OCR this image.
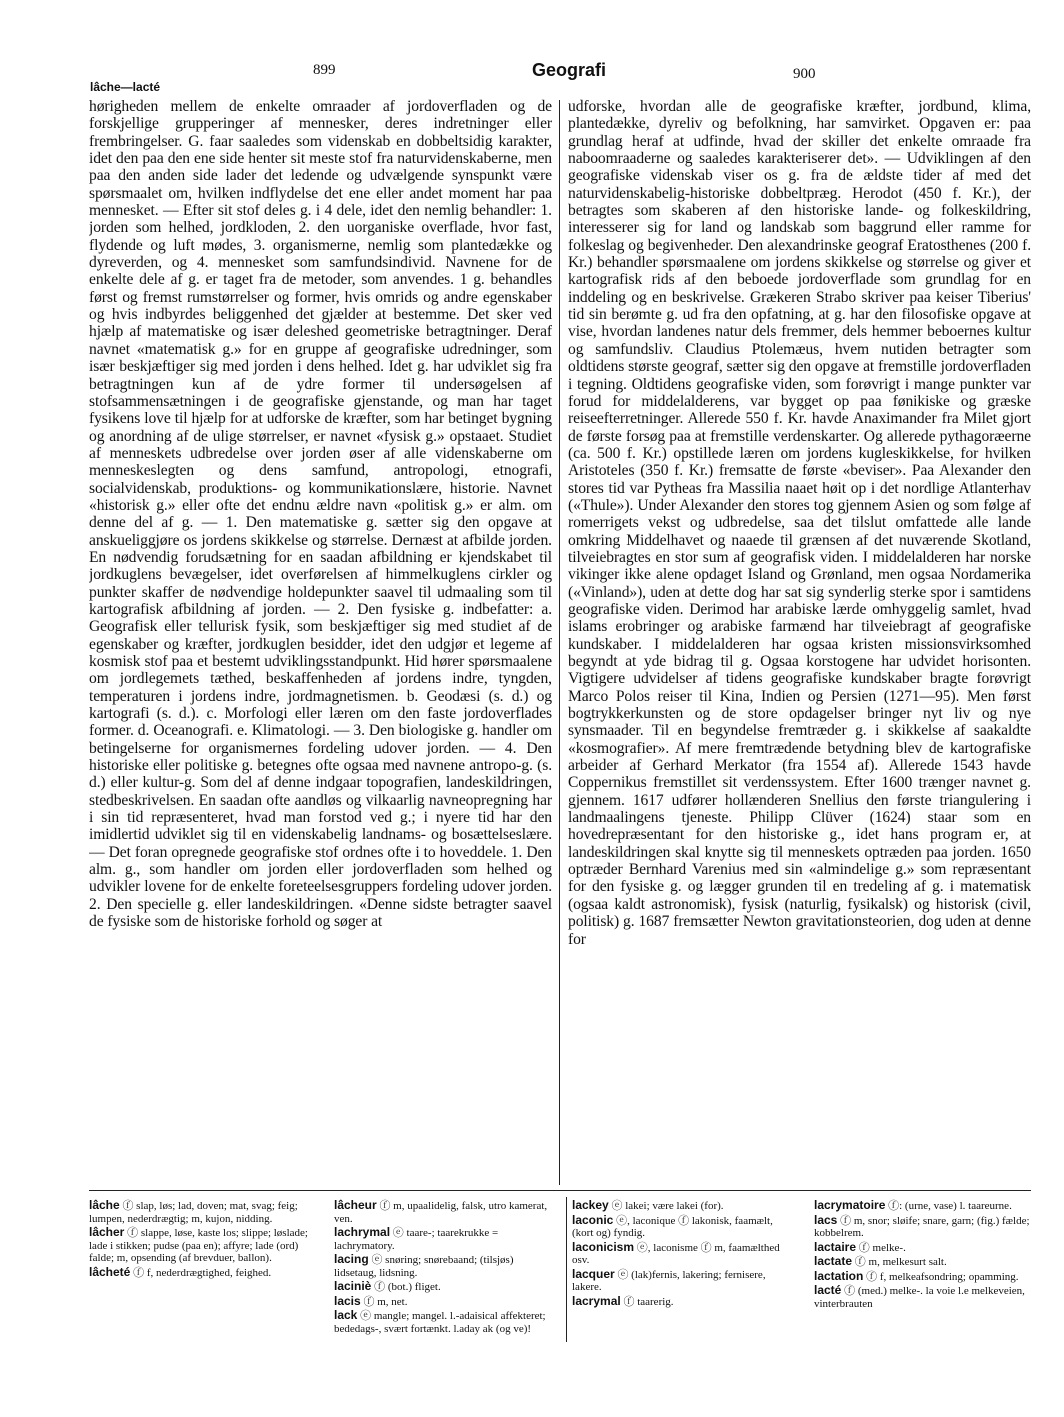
lâche—lacté
899	Geografi	900
hørigheden mellem de enkelte omraader af jordoverfladen og de forskjellige grupperinger af mennesker, deres indretninger eller frembringelser. G. faar saaledes som videnskab en dobbeltsidig karakter, idet den paa den ene side henter sit meste stof fra naturvidenskaberne, men paa den anden side lader det ledende og udvælgende synspunkt være spørsmaalet om, hvilken indflydelse det ene eller andet moment har paa mennesket. — Efter sit stof deles g. i 4 dele, idet den nemlig behandler: 1. jorden som helhed, jordkloden, 2. den uorganiske overflade, hvor fast, flydende og luft mødes, 3. organismerne, nemlig som plantedække og dyreverden, og 4. mennesket som samfundsindivid. Navnene for de enkelte dele af g. er taget fra de metoder, som anvendes. 1 g. behandles først og fremst rumstørrelser og former, hvis omrids og andre egenskaber og hvis indbyrdes beliggenhed det gjælder at bestemme. Det sker ved hjælp af matematiske og især deleshed geometriske betragtninger. Deraf navnet «matematisk g.» for en gruppe af geografiske udredninger, som især beskjæftiger sig med jorden i dens helhed. Idet g. har udviklet sig fra betragtningen kun af de ydre former til undersøgelsen af stofsammensætningen i de geografiske gjenstande, og man har taget fysikens love til hjælp for at udforske de kræfter, som har betinget bygning og anordning af de ulige størrelser, er navnet «fysisk g.» opstaaet. Studiet af menneskets udbredelse over jorden øser af alle videnskaberne om menneskeslegten og dens samfund, antropologi, etnografi, socialvidenskab, produktions- og kommunikationslære, historie. Navnet «historisk g.» eller ofte det endnu ældre navn «politisk g.» er alm. om denne del af g. — 1. Den matematiske g. sætter sig den opgave at anskueliggjøre os jordens skikkelse og størrelse. Dernæst at afbilde jorden. En nødvendig forudsætning for en saadan afbildning er kjendskabet til jordkuglens bevægelser, idet overførelsen af himmelkuglens cirkler og punkter skaffer de nødvendige holdepunkter saavel til udmaaling som til kartografisk afbildning af jorden. — 2. Den fysiske g. indbefatter: a. Geografisk eller tellurisk fysik, som beskjæftiger sig med studiet af de egenskaber og kræfter, jordkuglen besidder, idet den udgjør et legeme af kosmisk stof paa et bestemt udviklingsstandpunkt. Hid hører spørsmaalene om jordlegemets tæthed, beskaffenheden af jordens indre, tyngden, temperaturen i jordens indre, jordmagnetismen. b. Geodæsi (s. d.) og kartografi (s. d.). c. Morfologi eller læren om den faste jordoverflades former. d. Oceanografi. e. Klimatologi. — 3. Den biologiske g. handler om betingelserne for organismernes fordeling udover jorden. — 4. Den historiske eller politiske g. betegnes ofte ogsaa med navnene antropo-g. (s. d.) eller kultur-g. Som del af denne indgaar topografien, landeskildringen, stedbeskrivelsen. En saadan ofte aandløs og vilkaarlig navneopregning har i sin tid repræsenteret, hvad man forstod ved g.; i nyere tid har den imidlertid udviklet sig til en videnskabelig landnams- og bosættelseslære. — Det foran opregnede geografiske stof ordnes ofte i to hoveddele. 1. Den alm. g., som handler om jorden eller jordoverfladen som helhed og udvikler lovene for de enkelte foreteelsesgruppers fordeling udover jorden. 2. Den specielle g. eller landeskildringen. «Denne sidste betragter saavel de fysiske som de historiske forhold og søger at
udforske, hvordan alle de geografiske kræfter, jordbund, klima, plantedække, dyreliv og befolkning, har samvirket. Opgaven er: paa grundlag heraf at udfinde, hvad der skiller det enkelte omraade fra naboomraaderne og saaledes karakteriserer det». — Udviklingen af den geografiske videnskab viser os g. fra de ældste tider af med det naturvidenskabelig-historiske dobbeltpræg. Herodot (450 f. Kr.), der betragtes som skaberen af den historiske lande- og folkeskildring, interesserer sig for land og landskab som baggrund eller ramme for folkeslag og begivenheder. Den alexandrinske geograf Eratosthenes (200 f. Kr.) behandler spørsmaalene om jordens skikkelse og størrelse og giver et kartografisk rids af den beboede jordoverflade som grundlag for en inddeling og en beskrivelse. Grækeren Strabo skriver paa keiser Tiberius' tid sin berømte g. ud fra den opfatning, at g. har den filosofiske opgave at vise, hvordan landenes natur dels fremmer, dels hemmer beboernes kultur og samfundsliv. Claudius Ptolemæus, hvem nutiden betragter som oldtidens største geograf, sætter sig den opgave at fremstille jordoverfladen i tegning. Oldtidens geografiske viden, som forøvrigt i mange punkter var forud for middelalderens, var bygget op paa fønikiske og græske reiseefterretninger. Allerede 550 f. Kr. havde Anaximander fra Milet gjort de første forsøg paa at fremstille verdenskarter. Og allerede pythagoræerne (ca. 500 f. Kr.) opstillede læren om jordens kugleskikkelse, for hvilken Aristoteles (350 f. Kr.) fremsatte de første «beviser». Paa Alexander den stores tid var Pytheas fra Massilia naaet høit op i det nordlige Atlanterhav («Thule»). Under Alexander den stores tog gjennem Asien og som følge af romerrigets vekst og udbredelse, saa det tilslut omfattede alle lande omkring Middelhavet og naaede til grænsen af det nuværende Skotland, tilveiebragtes en stor sum af geografisk viden. I middelalderen har norske vikinger ikke alene opdaget Island og Grønland, men ogsaa Nordamerika («Vinland»), uden at dette dog har sat sig synderlig sterke spor i samtidens geografiske viden. Derimod har arabiske lærde omhyggelig samlet, hvad islams erobringer og arabiske farmænd har tilveiebragt af geografiske kundskaber. I middelalderen har ogsaa kristen missionsvirksomhed begyndt at yde bidrag til g. Ogsaa korstogene har udvidet horisonten. Vigtigere udvidelser af tidens geografiske kundskaber bragte forøvrigt Marco Polos reiser til Kina, Indien og Persien (1271—95). Men først bogtrykkerkunsten og de store opdagelser bringer nyt liv og nye synsmaader. Til en begyndelse fremtræder g. i skikkelse af saakaldte «kosmografier». Af mere fremtrædende betydning blev de kartografiske arbeider af Gerhard Merkator (fra 1554 af). Allerede 1543 havde Coppernikus fremstillet sit verdenssystem. Efter 1600 trænger navnet g. gjennem. 1617 udfører hollænderen Snellius den første triangulering i landmaalingens tjeneste. Philipp Clüver (1624) staar som en hovedrepræsentant for den historiske g., idet hans program er, at landeskildringen skal knytte sig til menneskets optræden paa jorden. 1650 optræder Bernhard Varenius med sin «almindelige g.» som repræsentant for den fysiske g. og lægger grunden til en tredeling af g. i matematisk (ogsaa kaldt astronomisk), fysisk (naturlig, fysikalsk) og historisk (civil, politisk) g. 1687 fremsætter Newton gravitationsteorien, dog uden at denne for

lâche ⓕ slap, løs; lad, doven; mat, svag; feig; lumpen, nederdrægtig; m, kujon, nidding.

lâcher ⓕ slappe, løse, kaste los; slippe; løslade; lade i stikken; pudse (paa en); affyre; lade (ord) falde; m, opsending (af brevduer, ballon).

lâcheté ⓕ f, nederdrægtighed, feighed.

lâcheur ⓕ m, upaalidelig, falsk, utro kamerat, ven.

lachrymal ⓔ taare-; taarekrukke = lachrymatory.

lacing ⓔ snøring; snørebaand; (tilsjøs) lidsetaug, lidsning.

laciniè ⓕ (bot.) fliget.

lacis ⓕ m, net.

lack ⓔ mangle; mangel. l.-adaisical affekteret; bededags-, svært fortænkt. l.aday ak (og ve)!

lackey ⓔ lakei; være lakei (for).

laconic ⓔ, laconique ⓕ lakonisk, faamælt, (kort og) fyndig.

laconicism ⓔ, laconisme ⓕ m, faamælthed osv.

lacquer ⓔ (lak)fernis, lakering; fernisere, lakere.

lacrymal ⓕ taarerig.

lacrymatoire ⓕ: (urne, vase) l. taareurne.

lacs ⓕ m, snor; sløife; snare, garn; (fig.) fælde; kobbelrem.

lactaire ⓕ melke-.

lactate ⓕ m, melkesurt salt.

lactation ⓕ f, melkeafsondring; opamming.

lacté ⓕ (med.) melke-. la voie l.e melkeveien, vinterbrauten
